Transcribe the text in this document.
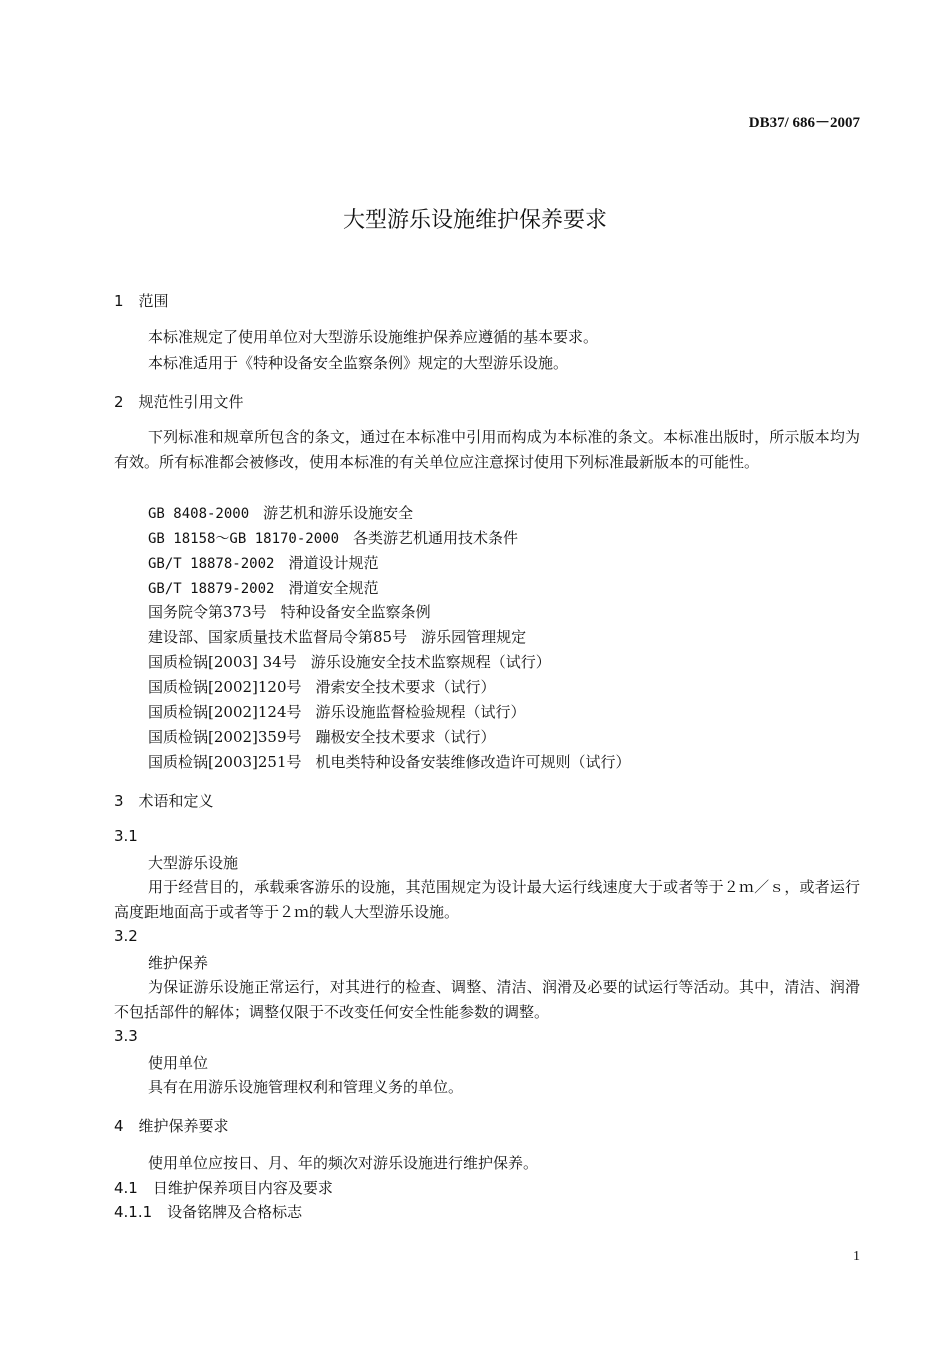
DB37/ 686－2007
大型游乐设施维护保养要求
1　范围
本标准规定了使用单位对大型游乐设施维护保养应遵循的基本要求。
本标准适用于《特种设备安全监察条例》规定的大型游乐设施。
2　规范性引用文件
下列标准和规章所包含的条文，通过在本标准中引用而构成为本标准的条文。本标准出版时，所示版本均为有效。所有标准都会被修改，使用本标准的有关单位应注意探讨使用下列标准最新版本的可能性。
GB 8408-2000 游艺机和游乐设施安全
GB 18158～GB 18170-2000 各类游艺机通用技术条件
GB/T 18878-2002 滑道设计规范
GB/T 18879-2002 滑道安全规范
国务院令第373号 特种设备安全监察条例
建设部、国家质量技术监督局令第85号 游乐园管理规定
国质检锅[2003] 34号 游乐设施安全技术监察规程（试行）
国质检锅[2002]120号 滑索安全技术要求（试行）
国质检锅[2002]124号 游乐设施监督检验规程（试行）
国质检锅[2002]359号 蹦极安全技术要求（试行）
国质检锅[2003]251号 机电类特种设备安装维修改造许可规则（试行）
3　术语和定义
3.1
大型游乐设施
用于经营目的，承载乘客游乐的设施，其范围规定为设计最大运行线速度大于或者等于２ｍ／ｓ，或者运行高度距地面高于或者等于２ｍ的载人大型游乐设施。
3.2
维护保养
为保证游乐设施正常运行，对其进行的检查、调整、清洁、润滑及必要的试运行等活动。其中，清洁、润滑不包括部件的解体；调整仅限于不改变任何安全性能参数的调整。
3.3
使用单位
具有在用游乐设施管理权利和管理义务的单位。
4　维护保养要求
使用单位应按日、月、年的频次对游乐设施进行维护保养。
4.1　日维护保养项目内容及要求
4.1.1　设备铭牌及合格标志
1
